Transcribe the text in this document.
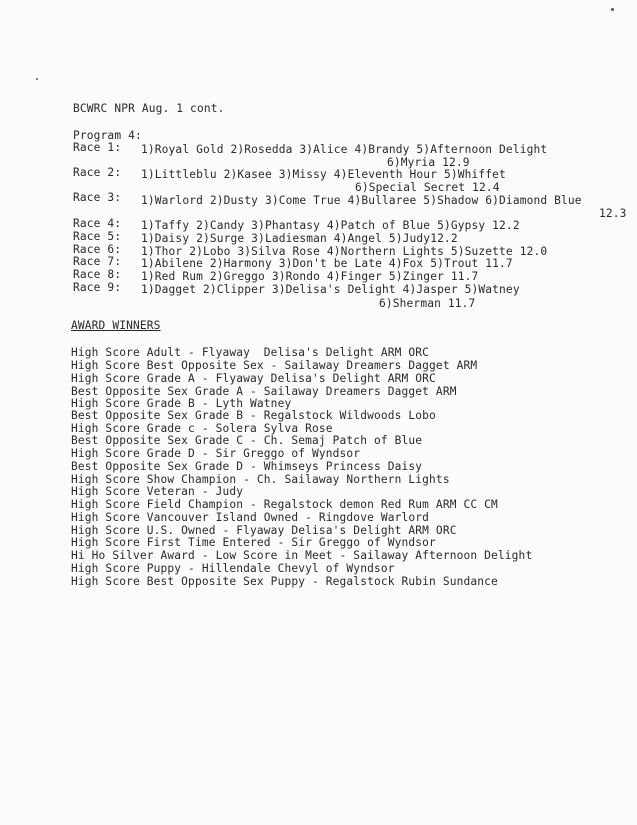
BCWRC NPR Aug. 1 cont.
Program 4:
Race 1: 1)Royal Gold 2)Rosedda 3)Alice 4)Brandy 5)Afternoon Delight
6)Myria 12.9
Race 2: 1)Littleblu 2)Kasee 3)Missy 4)Eleventh Hour 5)Whiffet
6)Special Secret 12.4
Race 3: 1)Warlord 2)Dusty 3)Come True 4)Bullaree 5)Shadow 6)Diamond Blue
12.3
Race 4: 1)Taffy 2)Candy 3)Phantasy 4)Patch of Blue 5)Gypsy 12.2
Race 5: 1)Daisy 2)Surge 3)Ladiesman 4)Angel 5)Judy12.2
Race 6: 1)Thor 2)Lobo 3)Silva Rose 4)Northern Lights 5)Suzette 12.0
Race 7: 1)Abilene 2)Harmony 3)Don't be Late 4)Fox 5)Trout 11.7
Race 8: 1)Red Rum 2)Greggo 3)Rondo 4)Finger 5)Zinger 11.7
Race 9: 1)Dagget 2)Clipper 3)Delisa's Delight 4)Jasper 5)Watney
6)Sherman 11.7
AWARD WINNERS
High Score Adult - Flyaway  Delisa's Delight ARM ORC
High Score Best Opposite Sex - Sailaway Dreamers Dagget ARM
High Score Grade A - Flyaway Delisa's Delight ARM ORC
Best Opposite Sex Grade A - Sailaway Dreamers Dagget ARM
High Score Grade B - Lyth Watney
Best Opposite Sex Grade B - Regalstock Wildwoods Lobo
High Score Grade c - Solera Sylva Rose
Best Opposite Sex Grade C - Ch. Semaj Patch of Blue
High Score Grade D - Sir Greggo of Wyndsor
Best Opposite Sex Grade D - Whimseys Princess Daisy
High Score Show Champion - Ch. Sailaway Northern Lights
High Score Veteran - Judy
High Score Field Champion - Regalstock demon Red Rum ARM CC CM
High Score Vancouver Island Owned - Ringdove Warlord
High Score U.S. Owned - Flyaway Delisa's Delight ARM ORC
High Score First Time Entered - Sir Greggo of Wyndsor
Hi Ho Silver Award - Low Score in Meet - Sailaway Afternoon Delight
High Score Puppy - Hillendale Chevyl of Wyndsor
High Score Best Opposite Sex Puppy - Regalstock Rubin Sundance
